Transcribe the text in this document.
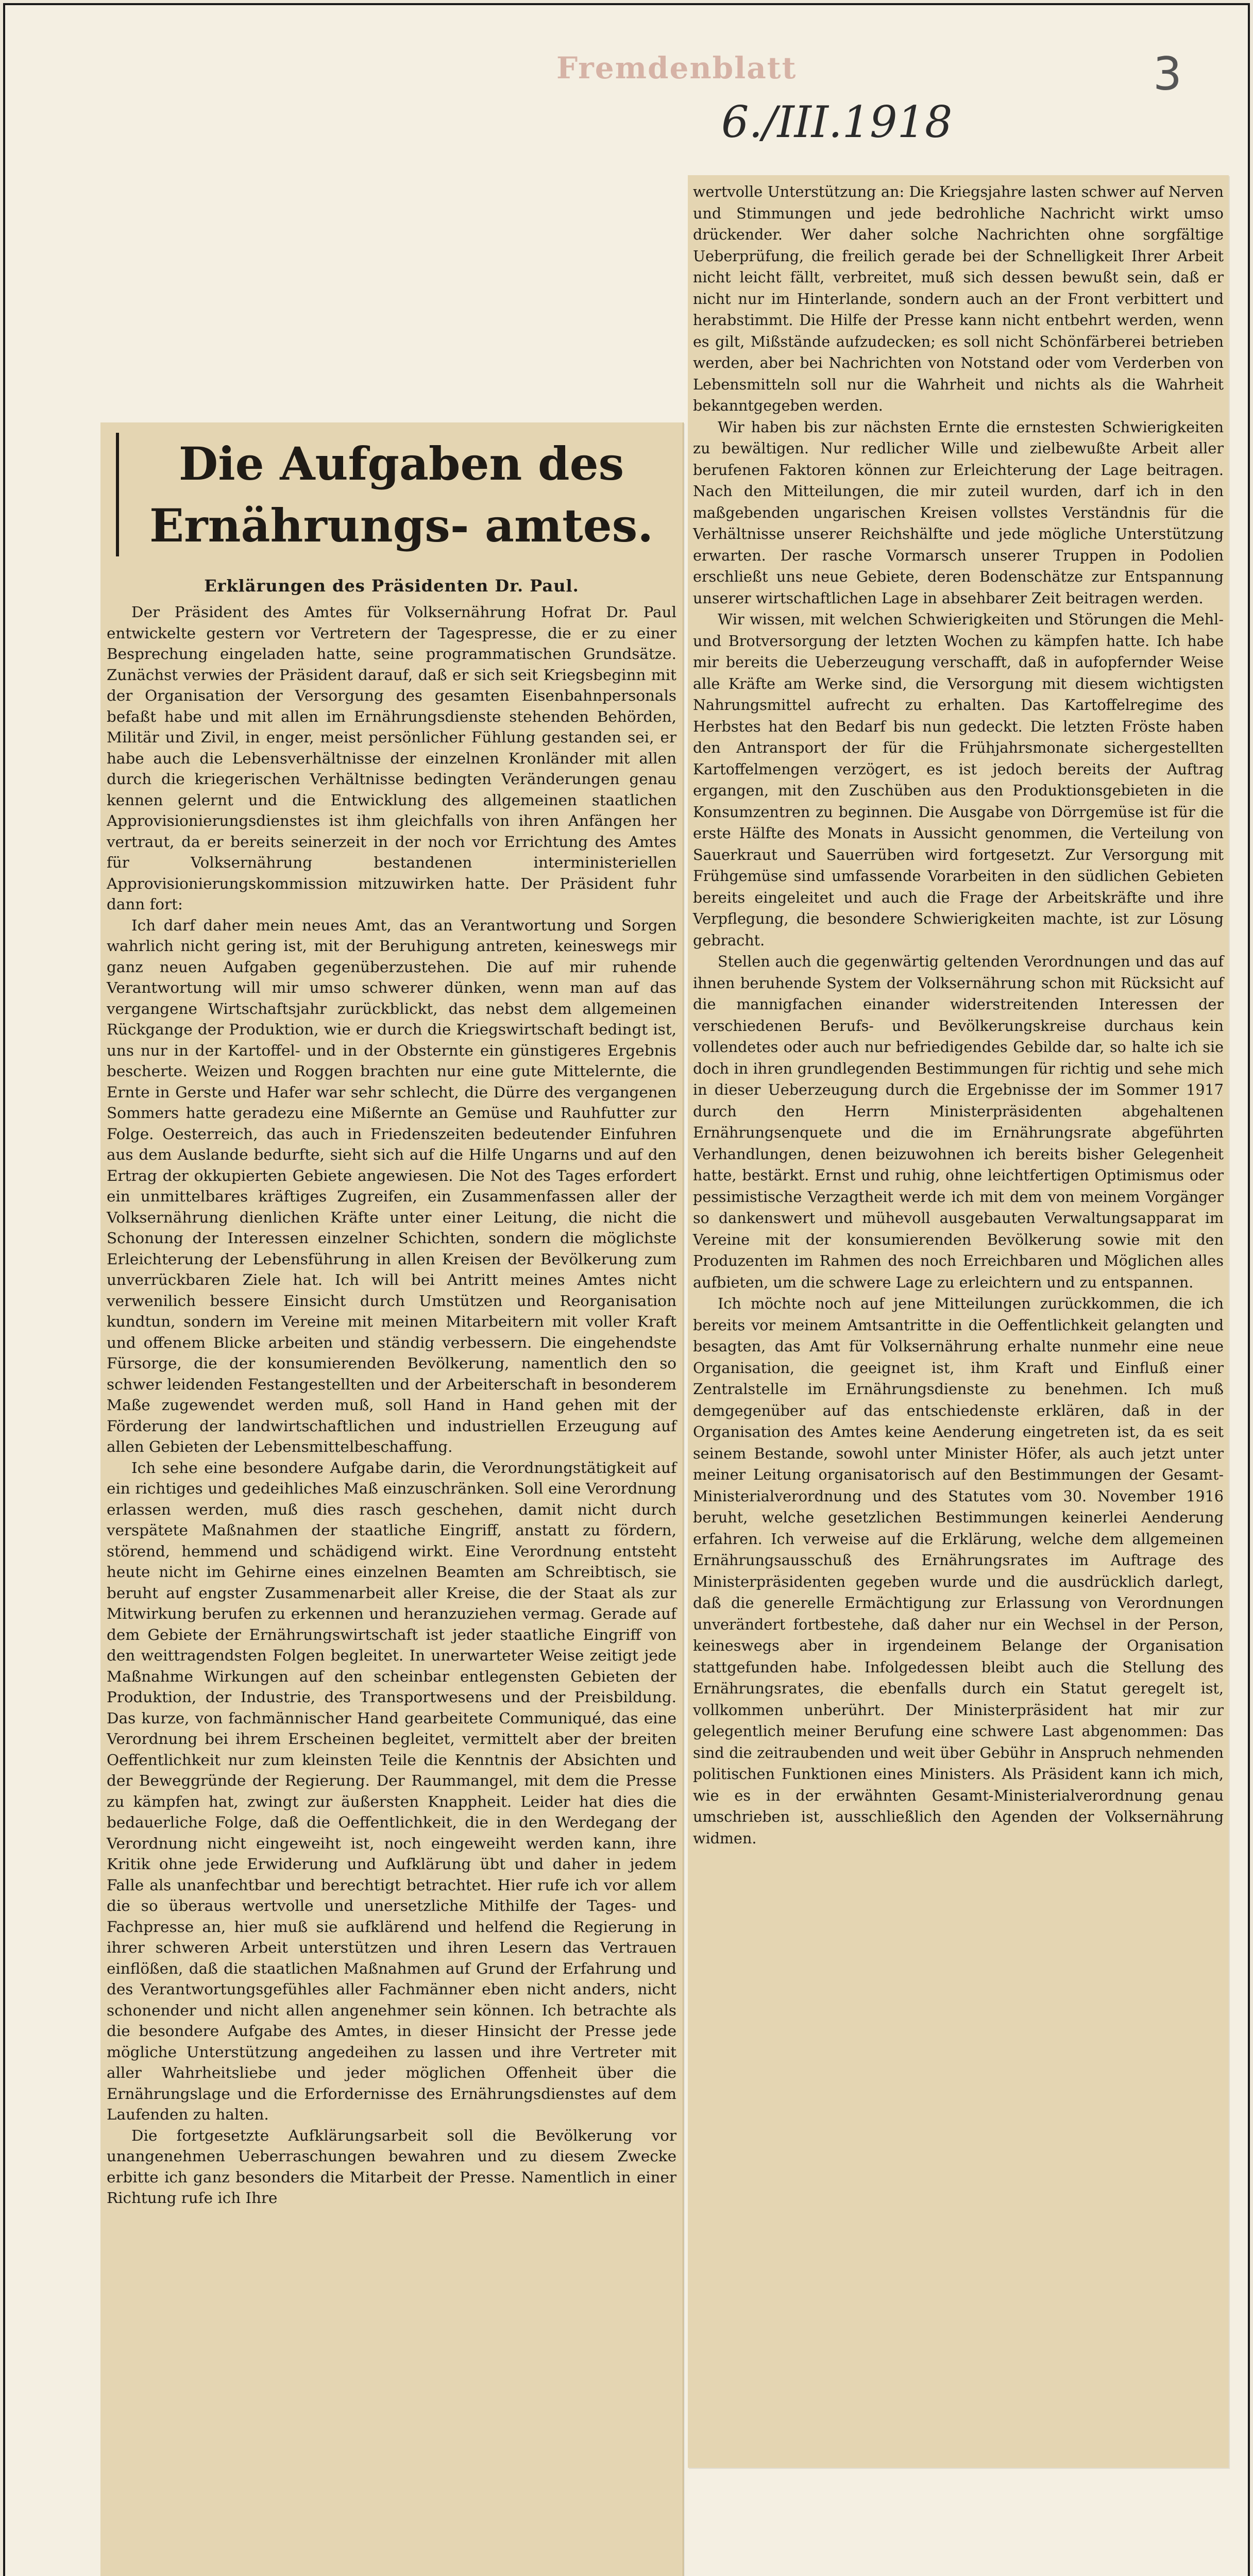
Fremdenblatt

6./III.1918

3

Die Aufgaben des Ernährungs- amtes.

Erklärungen des Präsidenten Dr. Paul.

Der Präsident des Amtes für Volksernährung Hofrat Dr. Paul entwickelte gestern vor Vertretern der Tagespresse, die er zu einer Besprechung eingeladen hatte, seine programmatischen Grundsätze. Zunächst verwies der Präsident darauf, daß er sich seit Kriegsbeginn mit der Organisation der Versorgung des gesamten Eisenbahnpersonals befaßt habe und mit allen im Ernährungsdienste stehenden Behörden, Militär und Zivil, in enger, meist persönlicher Fühlung gestanden sei, er habe auch die Lebensverhältnisse der einzelnen Kronländer mit allen durch die kriegerischen Verhältnisse bedingten Veränderungen genau kennen gelernt und die Entwicklung des allgemeinen staatlichen Approvisionierungsdienstes ist ihm gleichfalls von ihren Anfängen her vertraut, da er bereits seinerzeit in der noch vor Errichtung des Amtes für Volksernährung bestandenen interministeriellen Approvisionierungskommission mitzuwirken hatte. Der Präsident fuhr dann fort:

Ich darf daher mein neues Amt, das an Verantwortung und Sorgen wahrlich nicht gering ist, mit der Beruhigung antreten, keineswegs mir ganz neuen Aufgaben gegenüberzustehen. Die auf mir ruhende Verantwortung will mir umso schwerer dünken, wenn man auf das vergangene Wirtschaftsjahr zurückblickt, das nebst dem allgemeinen Rückgange der Produktion, wie er durch die Kriegswirtschaft bedingt ist, uns nur in der Kartoffel- und in der Obsternte ein günstigeres Ergebnis bescherte. Weizen und Roggen brachten nur eine gute Mittelernte, die Ernte in Gerste und Hafer war sehr schlecht, die Dürre des vergangenen Sommers hatte geradezu eine Mißernte an Gemüse und Rauhfutter zur Folge. Oesterreich, das auch in Friedenszeiten bedeutender Einfuhren aus dem Auslande bedurfte, sieht sich auf die Hilfe Ungarns und auf den Ertrag der okkupierten Gebiete angewiesen. Die Not des Tages erfordert ein unmittelbares kräftiges Zugreifen, ein Zusammenfassen aller der Volksernährung dienlichen Kräfte unter einer Leitung, die nicht die Schonung der Interessen einzelner Schichten, sondern die möglichste Erleichterung der Lebensführung in allen Kreisen der Bevölkerung zum unverrückbaren Ziele hat. Ich will bei Antritt meines Amtes nicht verwenilich bessere Einsicht durch Umstützen und Reorganisation kundtun, sondern im Vereine mit meinen Mitarbeitern mit voller Kraft und offenem Blicke arbeiten und ständig verbessern. Die eingehendste Fürsorge, die der konsumierenden Bevölkerung, namentlich den so schwer leidenden Festangestellten und der Arbeiterschaft in besonderem Maße zugewendet werden muß, soll Hand in Hand gehen mit der Förderung der landwirtschaftlichen und industriellen Erzeugung auf allen Gebieten der Lebensmittelbeschaffung.

Ich sehe eine besondere Aufgabe darin, die Verordnungstätigkeit auf ein richtiges und gedeihliches Maß einzuschränken. Soll eine Verordnung erlassen werden, muß dies rasch geschehen, damit nicht durch verspätete Maßnahmen der staatliche Eingriff, anstatt zu fördern, störend, hemmend und schädigend wirkt. Eine Verordnung entsteht heute nicht im Gehirne eines einzelnen Beamten am Schreibtisch, sie beruht auf engster Zusammenarbeit aller Kreise, die der Staat als zur Mitwirkung berufen zu erkennen und heranzuziehen vermag. Gerade auf dem Gebiete der Ernährungswirtschaft ist jeder staatliche Eingriff von den weittragendsten Folgen begleitet. In unerwarteter Weise zeitigt jede Maßnahme Wirkungen auf den scheinbar entlegensten Gebieten der Produktion, der Industrie, des Transportwesens und der Preisbildung. Das kurze, von fachmännischer Hand gearbeitete Communiqué, das eine Verordnung bei ihrem Erscheinen begleitet, vermittelt aber der breiten Oeffentlichkeit nur zum kleinsten Teile die Kenntnis der Absichten und der Beweggründe der Regierung. Der Raummangel, mit dem die Presse zu kämpfen hat, zwingt zur äußersten Knappheit. Leider hat dies die bedauerliche Folge, daß die Oeffentlichkeit, die in den Werdegang der Verordnung nicht eingeweiht ist, noch eingeweiht werden kann, ihre Kritik ohne jede Erwiderung und Aufklärung übt und daher in jedem Falle als unanfechtbar und berechtigt betrachtet. Hier rufe ich vor allem die so überaus wertvolle und unersetzliche Mithilfe der Tages- und Fachpresse an, hier muß sie aufklärend und helfend die Regierung in ihrer schweren Arbeit unterstützen und ihren Lesern das Vertrauen einflößen, daß die staatlichen Maßnahmen auf Grund der Erfahrung und des Verantwortungsgefühles aller Fachmänner eben nicht anders, nicht schonender und nicht allen angenehmer sein können. Ich betrachte als die besondere Aufgabe des Amtes, in dieser Hinsicht der Presse jede mögliche Unterstützung angedeihen zu lassen und ihre Vertreter mit aller Wahrheitsliebe und jeder möglichen Offenheit über die Ernährungslage und die Erfordernisse des Ernährungsdienstes auf dem Laufenden zu halten.

Die fortgesetzte Aufklärungsarbeit soll die Bevölkerung vor unangenehmen Ueberraschungen bewahren und zu diesem Zwecke erbitte ich ganz besonders die Mitarbeit der Presse. Namentlich in einer Richtung rufe ich Ihre

wertvolle Unterstützung an: Die Kriegsjahre lasten schwer auf Nerven und Stimmungen und jede bedrohliche Nachricht wirkt umso drückender. Wer daher solche Nachrichten ohne sorgfältige Ueberprüfung, die freilich gerade bei der Schnelligkeit Ihrer Arbeit nicht leicht fällt, verbreitet, muß sich dessen bewußt sein, daß er nicht nur im Hinterlande, sondern auch an der Front verbittert und herabstimmt. Die Hilfe der Presse kann nicht entbehrt werden, wenn es gilt, Mißstände aufzudecken; es soll nicht Schönfärberei betrieben werden, aber bei Nachrichten von Notstand oder vom Verderben von Lebensmitteln soll nur die Wahrheit und nichts als die Wahrheit bekanntgegeben werden.

Wir haben bis zur nächsten Ernte die ernstesten Schwierigkeiten zu bewältigen. Nur redlicher Wille und zielbewußte Arbeit aller berufenen Faktoren können zur Erleichterung der Lage beitragen. Nach den Mitteilungen, die mir zuteil wurden, darf ich in den maßgebenden ungarischen Kreisen vollstes Verständnis für die Verhältnisse unserer Reichshälfte und jede mögliche Unterstützung erwarten. Der rasche Vormarsch unserer Truppen in Podolien erschließt uns neue Gebiete, deren Bodenschätze zur Entspannung unserer wirtschaftlichen Lage in absehbarer Zeit beitragen werden.

Wir wissen, mit welchen Schwierigkeiten und Störungen die Mehl- und Brotversorgung der letzten Wochen zu kämpfen hatte. Ich habe mir bereits die Ueberzeugung verschafft, daß in aufopfernder Weise alle Kräfte am Werke sind, die Versorgung mit diesem wichtigsten Nahrungsmittel aufrecht zu erhalten. Das Kartoffelregime des Herbstes hat den Bedarf bis nun gedeckt. Die letzten Fröste haben den Antransport der für die Frühjahrsmonate sichergestellten Kartoffelmengen verzögert, es ist jedoch bereits der Auftrag ergangen, mit den Zuschüben aus den Produktionsgebieten in die Konsumzentren zu beginnen. Die Ausgabe von Dörrgemüse ist für die erste Hälfte des Monats in Aussicht genommen, die Verteilung von Sauerkraut und Sauerrüben wird fortgesetzt. Zur Versorgung mit Frühgemüse sind umfassende Vorarbeiten in den südlichen Gebieten bereits eingeleitet und auch die Frage der Arbeitskräfte und ihre Verpflegung, die besondere Schwierigkeiten machte, ist zur Lösung gebracht.

Stellen auch die gegenwärtig geltenden Verordnungen und das auf ihnen beruhende System der Volksernährung schon mit Rücksicht auf die mannigfachen einander widerstreitenden Interessen der verschiedenen Berufs- und Bevölkerungskreise durchaus kein vollendetes oder auch nur befriedigendes Gebilde dar, so halte ich sie doch in ihren grundlegenden Bestimmungen für richtig und sehe mich in dieser Ueberzeugung durch die Ergebnisse der im Sommer 1917 durch den Herrn Ministerpräsidenten abgehaltenen Ernährungsenquete und die im Ernährungsrate abgeführten Verhandlungen, denen beizuwohnen ich bereits bisher Gelegenheit hatte, bestärkt. Ernst und ruhig, ohne leichtfertigen Optimismus oder pessimistische Verzagtheit werde ich mit dem von meinem Vorgänger so dankenswert und mühevoll ausgebauten Verwaltungsapparat im Vereine mit der konsumierenden Bevölkerung sowie mit den Produzenten im Rahmen des noch Erreichbaren und Möglichen alles aufbieten, um die schwere Lage zu erleichtern und zu entspannen.

Ich möchte noch auf jene Mitteilungen zurückkommen, die ich bereits vor meinem Amtsantritte in die Oeffentlichkeit gelangten und besagten, das Amt für Volksernährung erhalte nunmehr eine neue Organisation, die geeignet ist, ihm Kraft und Einfluß einer Zentralstelle im Ernährungsdienste zu benehmen. Ich muß demgegenüber auf das entschiedenste erklären, daß in der Organisation des Amtes keine Aenderung eingetreten ist, da es seit seinem Bestande, sowohl unter Minister Höfer, als auch jetzt unter meiner Leitung organisatorisch auf den Bestimmungen der Gesamt-Ministerialverordnung und des Statutes vom 30. November 1916 beruht, welche gesetzlichen Bestimmungen keinerlei Aenderung erfahren. Ich verweise auf die Erklärung, welche dem allgemeinen Ernährungsausschuß des Ernährungsrates im Auftrage des Ministerpräsidenten gegeben wurde und die ausdrücklich darlegt, daß die generelle Ermächtigung zur Erlassung von Verordnungen unverändert fortbestehe, daß daher nur ein Wechsel in der Person, keineswegs aber in irgendeinem Belange der Organisation stattgefunden habe. Infolgedessen bleibt auch die Stellung des Ernährungsrates, die ebenfalls durch ein Statut geregelt ist, vollkommen unberührt. Der Ministerpräsident hat mir zur gelegentlich meiner Berufung eine schwere Last abgenommen: Das sind die zeitraubenden und weit über Gebühr in Anspruch nehmenden politischen Funktionen eines Ministers. Als Präsident kann ich mich, wie es in der erwähnten Gesamt-Ministerialverordnung genau umschrieben ist, ausschließlich den Agenden der Volksernährung widmen.
